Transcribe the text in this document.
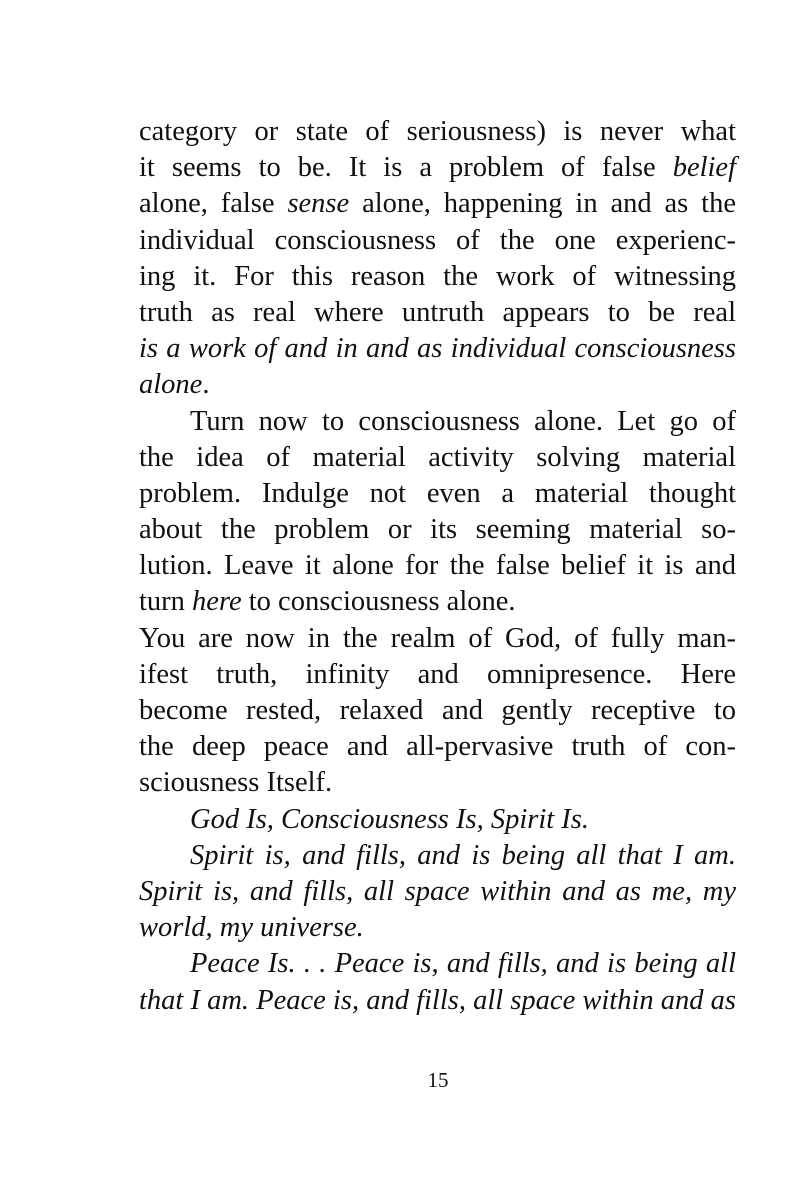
category or state of seriousness) is never what
it seems to be. It is a problem of false belief
alone, false sense alone, happening in and as the
individual consciousness of the one experienc-
ing it. For this reason the work of witnessing
truth as real where untruth appears to be real
is a work of and in and as individual consciousness
alone.
Turn now to consciousness alone. Let go of
the idea of material activity solving material
problem. Indulge not even a material thought
about the problem or its seeming material so-
lution. Leave it alone for the false belief it is and
turn here to consciousness alone.
You are now in the realm of God, of fully man-
ifest truth, infinity and omnipresence. Here
become rested, relaxed and gently receptive to
the deep peace and all-pervasive truth of con-
sciousness Itself.
God Is, Consciousness Is, Spirit Is.
Spirit is, and fills, and is being all that I am.
Spirit is, and fills, all space within and as me, my
world, my universe.
Peace Is. . . Peace is, and fills, and is being all
that I am. Peace is, and fills, all space within and as
15
